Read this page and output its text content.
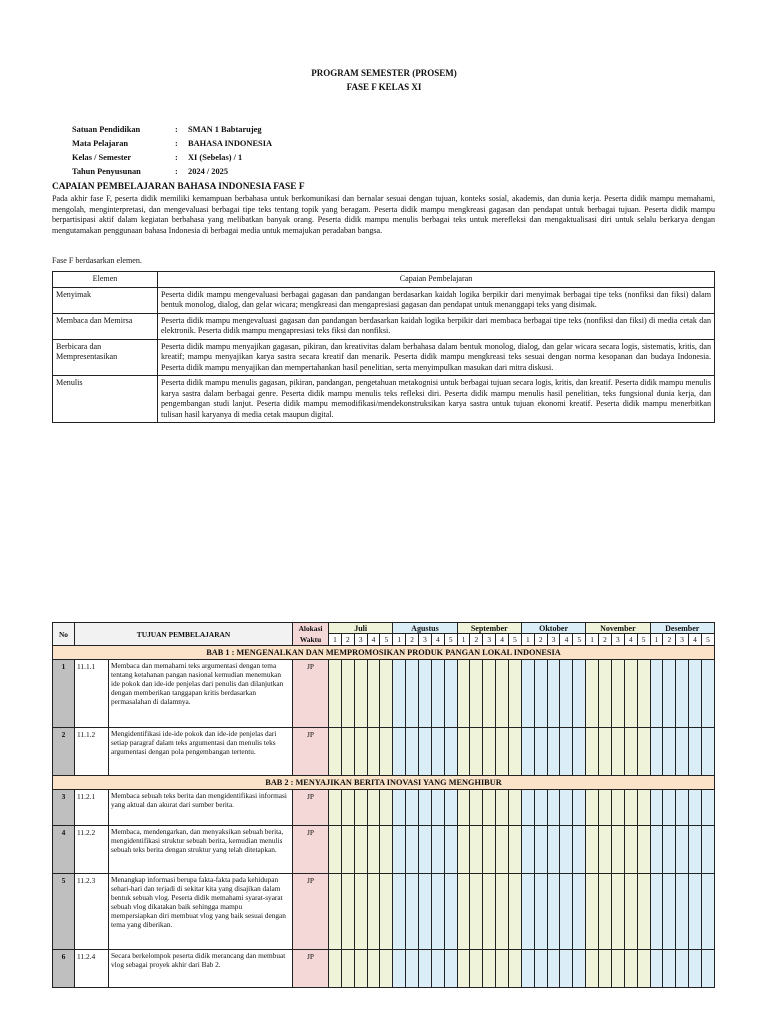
PROGRAM SEMESTER (PROSEM)
FASE F KELAS XI
Satuan Pendidikan	: SMAN 1 Babtarujeg
Mata Pelajaran	: BAHASA INDONESIA
Kelas / Semester	: XI (Sebelas) / 1
Tahun Penyusunan	: 2024 / 2025
CAPAIAN PEMBELAJARAN BAHASA INDONESIA FASE F
Pada akhir fase F, peserta didik memiliki kemampuan berbahasa untuk berkomunikasi dan bernalar sesuai dengan tujuan, konteks sosial, akademis, dan dunia kerja. Peserta didik mampu memahami, mengolah, menginterpretasi, dan mengevaluasi berbagai tipe teks tentang topik yang beragam. Peserta didik mampu mengkreasi gagasan dan pendapat untuk berbagai tujuan. Peserta didik mampu berpartisipasi aktif dalam kegiatan berbahasa yang melibatkan banyak orang. Peserta didik mampu menulis berbagai teks untuk merefleksi dan mengaktualisasi diri untuk selalu berkarya dengan mengutamakan penggunaan bahasa Indonesia di berbagai media untuk memajukan peradaban bangsa.
Fase F berdasarkan elemen.
Elemen	Capaian Pembelajaran
Menyimak	Peserta didik mampu mengevaluasi berbagai gagasan dan pandangan berdasarkan kaidah logika berpikir dari menyimak berbagai tipe teks (nonfiksi dan fiksi) dalam bentuk monolog, dialog, dan gelar wicara; mengkreasi dan mengapresiasi gagasan dan pendapat untuk menanggapi teks yang disimak.
Membaca dan Memirsa	Peserta didik mampu mengevaluasi gagasan dan pandangan berdasarkan kaidah logika berpikir dari membaca berbagai tipe teks (nonfiksi dan fiksi) di media cetak dan elektronik. Peserta didik mampu mengapresiasi teks fiksi dan nonfiksi.
Berbicara dan Mempresentasikan	Peserta didik mampu menyajikan gagasan, pikiran, dan kreativitas dalam berbahasa dalam bentuk monolog, dialog, dan gelar wicara secara logis, sistematis, kritis, dan kreatif; mampu menyajikan karya sastra secara kreatif dan menarik. Peserta didik mampu mengkreasi teks sesuai dengan norma kesopanan dan budaya Indonesia. Peserta didik mampu menyajikan dan mempertahankan hasil penelitian, serta menyimpulkan masukan dari mitra diskusi.
Menulis	Peserta didik mampu menulis gagasan, pikiran, pandangan, pengetahuan metakognisi untuk berbagai tujuan secara logis, kritis, dan kreatif. Peserta didik mampu menulis karya sastra dalam berbagai genre. Peserta didik mampu menulis teks refleksi diri. Peserta didik mampu menulis hasil penelitian, teks fungsional dunia kerja, dan pengembangan studi lanjut. Peserta didik mampu memodifikasi/mendekonstruksikan karya sastra untuk tujuan ekonomi kreatif. Peserta didik mampu menerbitkan tulisan hasil karyanya di media cetak maupun digital.
No	TUJUAN PEMBELAJARAN		Alokasi Waktu	Juli					Agustus					September					Oktober					November					Desember				
				1	2	3	4	5	1	2	3	4	5	1	2	3	4	5	1	2	3	4	5	1	2	3	4	5	1	2	3	4	5
BAB 1 : MENGENALKAN DAN MEMPROMOSIKAN PRODUK PANGAN LOKAL INDONESIA																																	
1	11.1.1	Membaca dan memahami teks argumentasi dengan tema tentang ketahanan pangan nasional kemudian menemukan ide pokok dan ide-ide penjelas dari penulis dan dilanjutkan dengan memberikan tanggapan kritis berdasarkan permasalahan di dalamnya.	JP																														
2	11.1.2	Mengidentifikasi ide-ide pokok dan ide-ide penjelas dari setiap paragraf dalam teks argumentasi dan menulis teks argumentasi dengan pola pengembangan tertentu.	JP																														
BAB 2 : MENYAJIKAN BERITA INOVASI YANG MENGHIBUR																																	
3	11.2.1	Membaca sebuah teks berita dan mengidentifikasi informasi yang aktual dan akurat dari sumber berita.	JP																														
4	11.2.2	Membaca, mendengarkan, dan menyaksikan sebuah berita, mengidentifikasi struktur sebuah berita, kemudian menulis sebuah teks berita dengan struktur yang telah ditetapkan.	JP																														
5	11.2.3	Menangkap informasi berupa fakta-fakta pada kehidupan sehari-hari dan terjadi di sekitar kita yang disajikan dalam bentuk sebuah vlog. Peserta didik memahami syarat-syarat sebuah vlog dikatakan baik sehingga mampu mempersiapkan diri membuat vlog yang baik sesuai dengan tema yang diberikan.	JP																														
6	11.2.4	Secara berkelompok peserta didik merancang dan membuat vlog sebagai proyek akhir dari Bab 2.	JP																														
